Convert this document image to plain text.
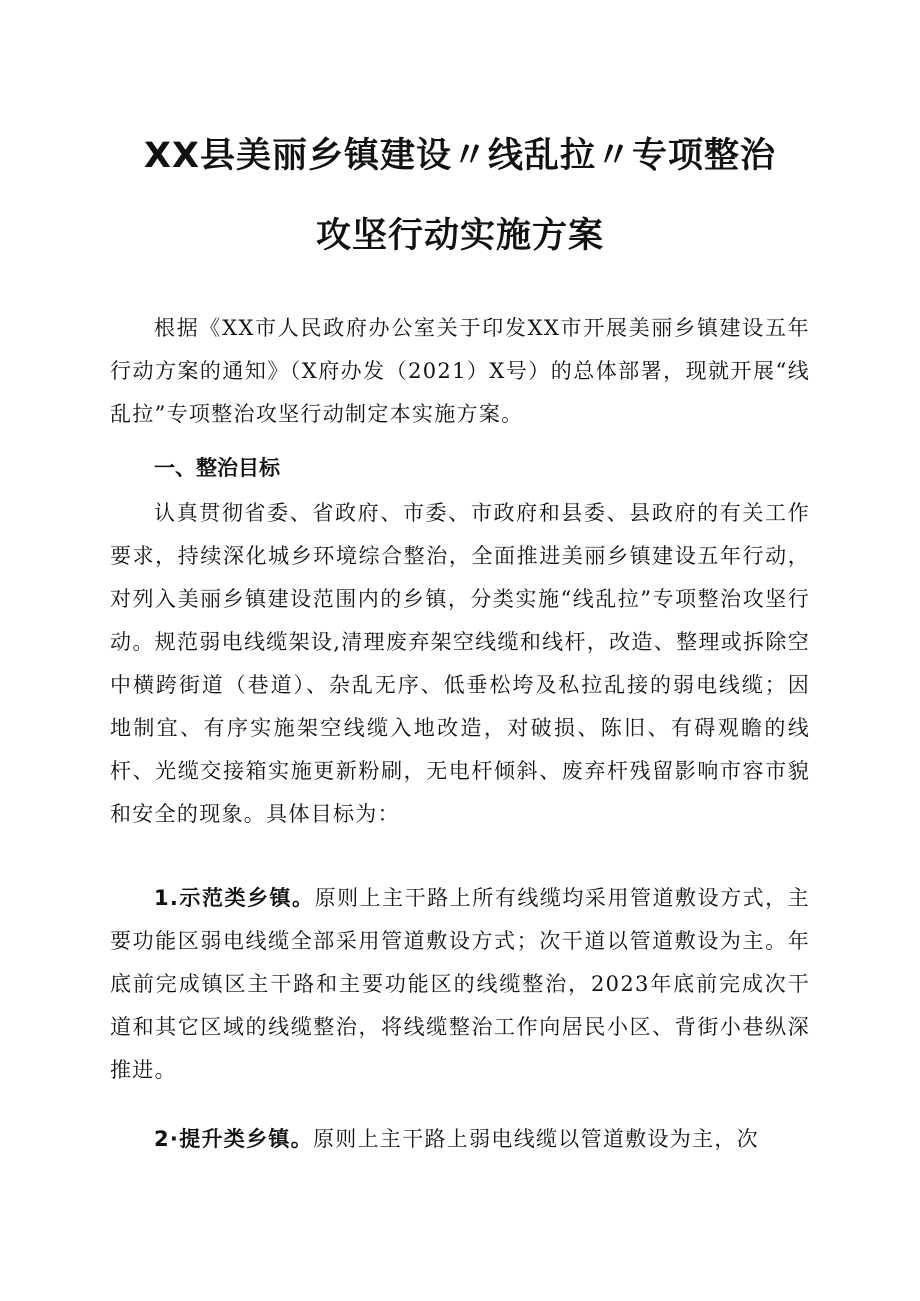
XX县美丽乡镇建设〃线乱拉〃专项整治
攻坚行动实施方案
根据《XX市人民政府办公室关于印发XX市开展美丽乡镇建设五年行动方案的通知》（X府办发（2021）X号）的总体部署，现就开展“线乱拉”专项整治攻坚行动制定本实施方案。
一、整治目标
认真贯彻省委、省政府、市委、市政府和县委、县政府的有关工作要求，持续深化城乡环境综合整治，全面推进美丽乡镇建设五年行动，对列入美丽乡镇建设范围内的乡镇，分类实施“线乱拉”专项整治攻坚行动。规范弱电线缆架设,清理废弃架空线缆和线杆，改造、整理或拆除空中横跨街道（巷道）、杂乱无序、低垂松垮及私拉乱接的弱电线缆；因地制宜、有序实施架空线缆入地改造，对破损、陈旧、有碍观瞻的线杆、光缆交接箱实施更新粉刷，无电杆倾斜、废弃杆残留影响市容市貌和安全的现象。具体目标为：
1.示范类乡镇。原则上主干路上所有线缆均采用管道敷设方式，主要功能区弱电线缆全部采用管道敷设方式；次干道以管道敷设为主。年底前完成镇区主干路和主要功能区的线缆整治，2023年底前完成次干道和其它区域的线缆整治，将线缆整治工作向居民小区、背街小巷纵深推进。
2·提升类乡镇。原则上主干路上弱电线缆以管道敷设为主，次
